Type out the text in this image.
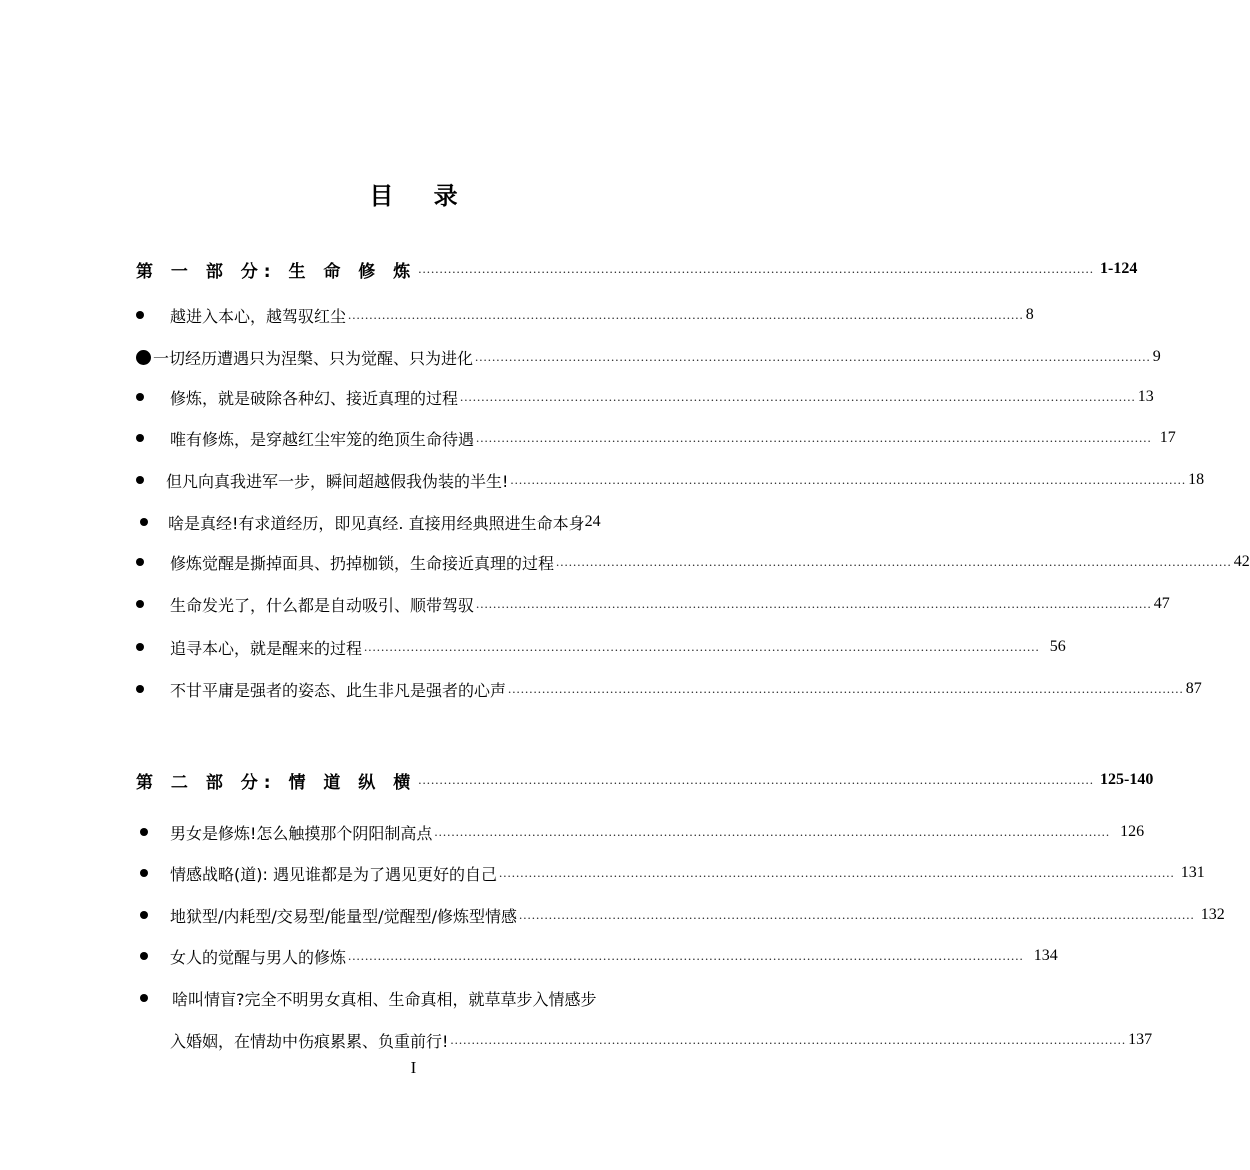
目 录
第 一 部 分: 生 命 修 炼 ............................................................................................................................................................... 1-124
越进入本心，越驾驭红尘 ............................................................................................................................................................... 8
一切经历遭遇只为涅槃、只为觉醒、只为进化 ............................................................................................................................................................... 9
修炼，就是破除各种幻、接近真理的过程 ............................................................................................................................................................... 13
唯有修炼，是穿越红尘牢笼的绝顶生命待遇 ............................................................................................................................................................... 17
但凡向真我进军一步，瞬间超越假我伪装的半生! ............................................................................................................................................................... 18
啥是真经!有求道经历，即见真经. 直接用经典照进生命本身 24
修炼觉醒是撕掉面具、扔掉枷锁，生命接近真理的过程 ............................................................................................................................................................... 42
生命发光了，什么都是自动吸引、顺带驾驭 ............................................................................................................................................................... 47
追寻本心，就是醒来的过程 ............................................................................................................................................................... 56
不甘平庸是强者的姿态、此生非凡是强者的心声 ............................................................................................................................................................... 87
第 二 部 分: 情 道 纵 横 ............................................................................................................................................................... 125-140
男女是修炼!怎么触摸那个阴阳制高点 ............................................................................................................................................................... 126
情感战略(道): 遇见谁都是为了遇见更好的自己 ............................................................................................................................................................... 131
地狱型/内耗型/交易型/能量型/觉醒型/修炼型情感 ............................................................................................................................................................... 132
女人的觉醒与男人的修炼 ............................................................................................................................................................... 134
啥叫情盲?完全不明男女真相、生命真相，就草草步入情感步
入婚姻，在情劫中伤痕累累、负重前行! ............................................................................................................................................................... 137
I
